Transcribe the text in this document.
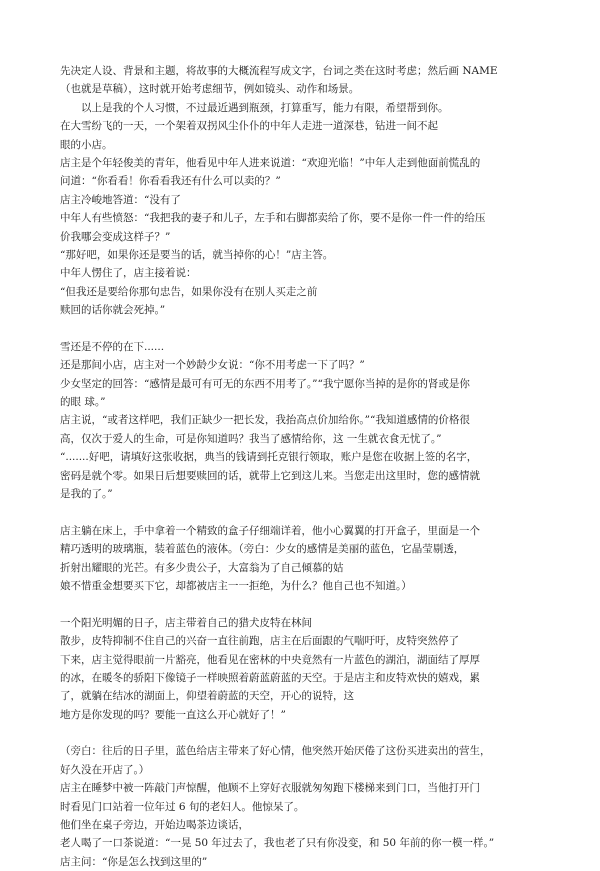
先决定人设、背景和主题，将故事的大概流程写成文字，台词之类在这时考虑；然后画 NAME
（也就是草稿），这时就开始考虑细节，例如镜头、动作和场景。
以上是我的个人习惯，不过最近遇到瓶颈，打算重写，能力有限，希望帮到你。
在大雪纷飞的一天，一个架着双拐风尘仆仆的中年人走进一道深巷，钻进一间不起
眼的小店。
店主是个年轻俊美的青年，他看见中年人进来说道：“欢迎光临！”中年人走到他面前慌乱的
问道：“你看看！你看看我还有什么可以卖的？”
店主冷峻地答道：“没有了
中年人有些愤怒：“我把我的妻子和儿子，左手和右脚都卖给了你，要不是你一件一件的给压
价我哪会变成这样子？”
“那好吧，如果你还是要当的话，就当掉你的心！”店主答。
中年人愣住了，店主接着说：
“但我还是要给你那句忠告，如果你没有在别人买走之前
赎回的话你就会死掉。”
雪还是不停的在下......
还是那间小店，店主对一个妙龄少女说：“你不用考虑一下了吗？”
少女坚定的回答：“感情是最可有可无的东西不用考了。”“我宁愿你当掉的是你的肾或是你
的眼 球。”
店主说，“或者这样吧，我们正缺少一把长发，我抬高点价加给你。”“我知道感情的价格很
高，仅次于爱人的生命，可是你知道吗？我当了感情给你，这 一生就衣食无忧了。”
“.......好吧，请填好这张收据，典当的钱请到托克银行领取，账户是您在收据上签的名字，
密码是就个零。如果日后想要赎回的话，就带上它到这儿来。当您走出这里时，您的感情就
是我的了。”
店主躺在床上，手中拿着一个精致的盒子仔细端详着，他小心翼翼的打开盒子，里面是一个
精巧透明的玻璃瓶，装着蓝色的液体。（旁白：少女的感情是美丽的蓝色，它晶莹剔透，
折射出耀眼的光芒。有多少贵公子，大富翁为了自己倾慕的姑
娘不惜重金想要买下它，却都被店主一一拒绝，为什么？他自己也不知道。）
一个阳光明媚的日子，店主带着自己的猎犬皮特在林间
散步，皮特抑制不住自己的兴奋一直往前跑，店主在后面跟的气喘吁吁，皮特突然停了
下来，店主觉得眼前一片豁亮，他看见在密林的中央竟然有一片蓝色的湖泊，湖面结了厚厚
的冰，在暖冬的骄阳下像镜子一样映照着蔚蓝蔚蓝的天空。于是店主和皮特欢快的嬉戏，累
了，就躺在结冰的湖面上，仰望着蔚蓝的天空，开心的说特，这
地方是你发现的吗？要能一直这么开心就好了！”
（旁白：往后的日子里，蓝色给店主带来了好心情，他突然开始厌倦了这份买进卖出的营生，
好久没在开店了。）
店主在睡梦中被一阵敲门声惊醒，他顾不上穿好衣服就匆匆跑下楼梯来到门口，当他打开门
时看见门口站着一位年过 6 旬的老妇人。他惊呆了。
他们坐在桌子旁边，开始边喝茶边谈话，
老人喝了一口茶说道：“一晃 50 年过去了，我也老了只有你没变，和 50 年前的你一模一样。”
店主问：“你是怎么找到这里的”
